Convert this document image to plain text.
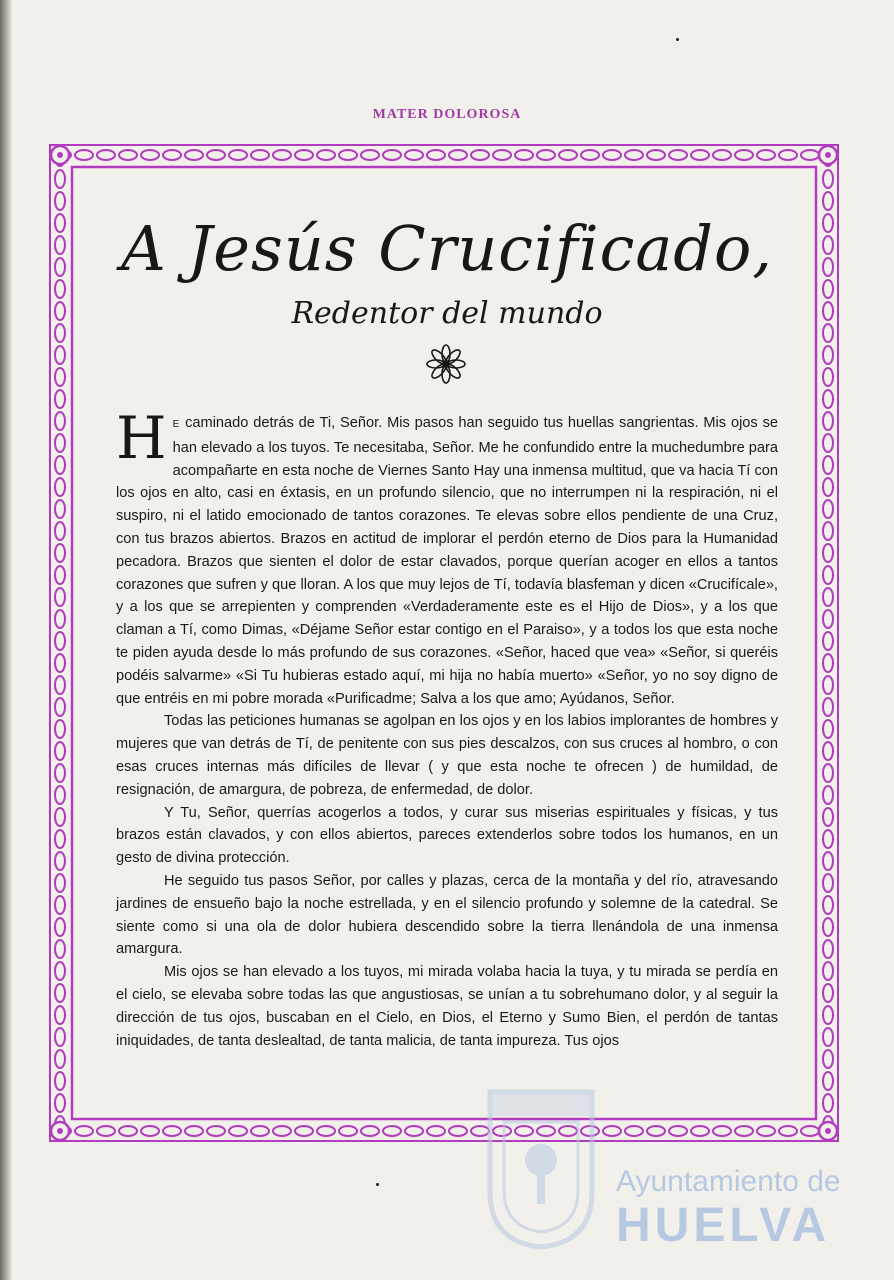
MATER DOLOROSA
A Jesús Crucificado,
Redentor del mundo

H E caminado detrás de Ti, Señor. Mis pasos han seguido tus huellas sangrientas. Mis ojos se han elevado a los tuyos. Te necesitaba, Señor. Me he confundido entre la muchedumbre para acompañarte en esta noche de Viernes Santo Hay una inmensa multitud, que va hacia Tí con los ojos en alto, casi en éxtasis, en un profundo silencio, que no interrumpen ni la respiración, ni el suspiro, ni el latido emocionado de tantos corazones. Te elevas sobre ellos pendiente de una Cruz, con tus brazos abiertos. Brazos en actitud de implorar el perdón eterno de Dios para la Humanidad pecadora. Brazos que sienten el dolor de estar clavados, porque querían acoger en ellos a tantos corazones que sufren y que lloran. A los que muy lejos de Tí, todavía blasfeman y dicen «Crucifícale», y a los que se arrepienten y comprenden «Verdaderamente este es el Hijo de Dios», y a los que claman a Tí, como Dimas, «Déjame Señor estar contigo en el Paraiso», y a todos los que esta noche te piden ayuda desde lo más profundo de sus corazones. «Señor, haced que vea» «Señor, si queréis podéis salvarme» «Si Tu hubieras estado aquí, mi hija no había muerto» «Señor, yo no soy digno de que entréis en mi pobre morada «Purificadme; Salva a los que amo; Ayúdanos, Señor.

Todas las peticiones humanas se agolpan en los ojos y en los labios implorantes de hombres y mujeres que van detrás de Tí, de penitente con sus pies descalzos, con sus cruces al hombro, o con esas cruces internas más difíciles de llevar ( y que esta noche te ofrecen ) de humildad, de resignación, de amargura, de pobreza, de enfermedad, de dolor.

Y Tu, Señor, querrías acogerlos a todos, y curar sus miserias espirituales y físicas, y tus brazos están clavados, y con ellos abiertos, pareces extenderlos sobre todos los humanos, en un gesto de divina protección.

He seguido tus pasos Señor, por calles y plazas, cerca de la montaña y del río, atravesando jardines de ensueño bajo la noche estrellada, y en el silencio profundo y solemne de la catedral. Se siente como si una ola de dolor hubiera descendido sobre la tierra llenándola de una inmensa amargura.

Mis ojos se han elevado a los tuyos, mi mirada volaba hacia la tuya, y tu mirada se perdía en el cielo, se elevaba sobre todas las que angustiosas, se unían a tu sobrehumano dolor, y al seguir la dirección de tus ojos, buscaban en el Cielo, en Dios, el Eterno y Sumo Bien, el perdón de tantas iniquidades, de tanta deslealtad, de tanta malicia, de tanta impureza. Tus ojos

Ayuntamiento de
HUELVA
